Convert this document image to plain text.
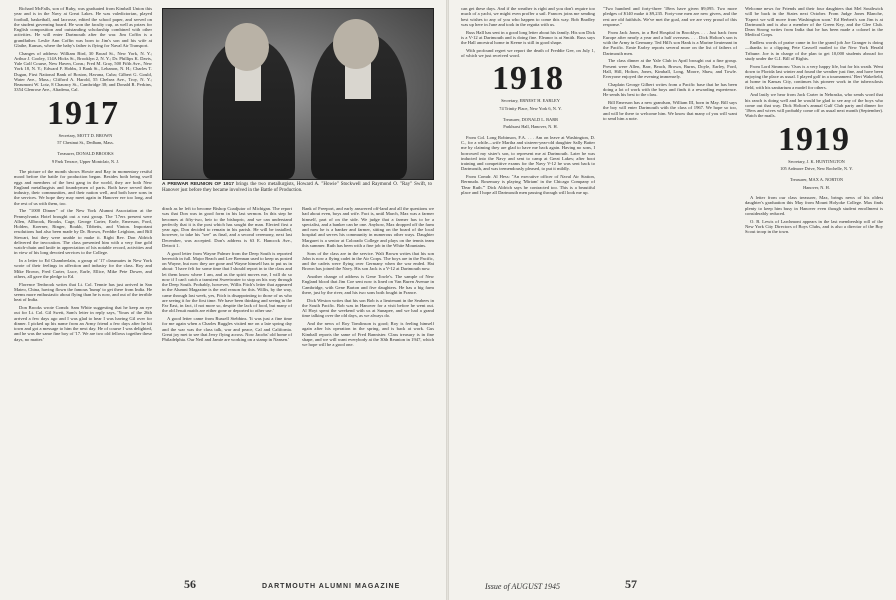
Richard McFalls, son of Ruby, was graduated from Kimball Union this year and is in the Navy at Great Lakes. He was valedictorian, played football, basketball, and lacrosse, edited the school paper, and served on the student governing board. He won the faculty cup, as well as prizes for English composition and outstanding scholarship combined with other activities. He will enter Dartmouth after the war. Jim Coffin is a grandfather. Leslie Ann Coffin was born to Jim's son and his wife at Glathe, Kansas, where the baby's father is flying for Naval Air Transport.

Changes of address: William Bird, 30 Broad St., New York, N. Y.; Arthur J. Cooley, 114A Hicks St., Brooklyn 2, N. Y.; Dr. Phillips K. Davis, Yale Golf Course, New Haven, Conn.; Fred M. Gray, 500 Fifth Ave., New York 18, N. Y.; Edward F. Hobbs, 3 Bank St., Lebanon, N. H.; Charles T. Dugan, First National Bank of Boston, Havana, Cuba; Gilbert G. Gould, Water Ave., Mass.; Clifford A. Harold, 55 Chelsea Ave., Troy, N. Y.; Beaumont W. Lotz, 8 Chauncy St., Cambridge 38; and Donald R. Perkins, 3354 Glenrose Ave., Altadena, Cal.

1917

Secretary, MOTT D. BROWN

57 Chestnut St., Dedham, Mass.

Treasurer, DONALD BROOKS

9 Park Terrace, Upper Montclair, N. J.

The picture of the month shows Howie and Ray in momentary restful mood before the battle for production began. Besides both being swell eggs and members of the best gang in the world, they are both New England metallurgists and foundrymen of parts. Both have served their industry, their communities, and their nation well, and both have sons in the services. We hope they may meet again in Hanover ere too long, and the rest of us with them, too.

The "1000 Dinner" of the New York Alumni Association at the Pennsylvania Hotel brought out a vast group. The '17ers present were Allen, Allbrook, Brooks, Cage, George Carter, Earle, Emerson, Ford, Holden, Koerner, Ringer, Roakb, Tibbetts, and Vinton. Important resolutions had also been made by Dr. Brown, Freddie Leighton, and Bill Stewart, but they were unable to make it. Right Rev. Don Aldrich delivered the invocation. The class presented him with a very fine gold watch-chain and knife in appreciation of his notable record, activities and in view of his long devoted services to the College.

In a letter to Ed Chamberlain, a group of '17 classmates in New York wrote of their feelings in affection and industry for the class. Roy and Mike Brown, Fred Carter, Luce, Earle, Ellice, Mike Pete Dower, and others, all gave the pledge to Ed.

Florence Tenbrook writes that Lt. Col. Tennie has just arrived in San Mateo, China, having flown the famous 'hump' to get there from India. He seems more enthusiastic about flying than he is now, and out of the terrible heat of India.

Don Brooks wrote Comdr. Sam White suggesting that he keep an eye out for Lt. Col. Gil Swett, Sam's letter in reply says, 'Yours of the 26th arrived a few days ago and I was glad to hear I was having Gil over for dinner. I picked up his name from an Army friend a few days after he hit town and got a message to him the next day. He of course I was delighted, and he was the same fine boy of '17. We are two old fellows together these days, no matter.'

A PREWAR REUNION OF 1917 brings the two metallurgists, Howard A. "Howie" Stockwell and Raymond O. "Ray" Swift, to Hanover just before they became involved in the Battle of Production.

dinch as he left to become Bishop Coadjutor of Michigan. The report was that Don was in good form in his last sermon. In this step he becomes at fifty-two, heir to the bishopric, and we can understand perfectly that it is the post which has sought the man. Elected first a year ago, Don decided to remain in his parish. He will be installed, however, to take his "see" as final, and a second ceremony, next last December, was accepted. Don's address is 63 E. Hancock Ave., Detroit 1.

A good letter from Wayne Palmer from the Deep South is reported herewith in full. Major Beach and Lee Brennan used to keep us posted on Wayne, but now they are gone and Wayne himself has to put us in about: 'I have felt for some time that I should report in to the class and let them know where I am, and as the spirit moves me, I will do so now if I can't catch a transient Sweetwater to stop on his way through the Deep South. Probably, however, Willis Fitch's letter that appeared in the Alumni Magazine is the real reason for this. Willis, by the way, came through last week, yes, Fitch is disappointing to those of us who are seeing it for the first time. We have been thinking and seeing in the Far East, in fact, if not more so, despite the lack of food, but many of the old Jesuit maids are either gone or deported to other use.'

A good letter came from Russell Stebbins. 'It was just a fine time for me again when a Charles Ruggles visited me on a late spring day and the war was the class talk, war and peace, Cal and California. Great joy met to see that Jerry flying across. Now Jacobs' old home of Philadelphia. Our Neil and Jamie are working on a stamp in Nansen.'

Bank of Freeport, and early answered off-land and all the questions we had about even, boys and wife. Fact is, until March, Max was a farmer himself, part of on the side. We judge that a farmer has to be a specialist, and a banker can be one. Anyhow, Max dropped off the farm and now he is a banker and farmer, sitting on the board of the local hospital and serves his community in numerous other ways. Daughter Margaret is a senior at Colorado College and plays on the tennis team this summer. Ruth has been with a fine job in the White Mountains.

Sons of the class are in the service. Walt Brown writes that his son John is now a flying cadet in the Air Corps. The boys are in the Pacific, and the cadets were flying over Germany when the war ended. Hat Brown has joined the Navy. His son Jack is a V-12 at Dartmouth now.

Another change of address is Gene Towle's. The sample of New England blood that Jim Coe sent now is lined on Van Buren Avenue in Cambridge, with Gene Barton and five daughters. He has a big farm there, just by the river, and his two sons both fought in France.

Dick Weston writes that his son Bob is a lieutenant in the Seabees in the South Pacific. Bob was in Hanover for a visit before he went out. Al Hoyt spent the weekend with us at Sunapee, and we had a grand time talking over the old days, as we always do.

And the news of Roy Tomlinson is good; Roy is feeling himself again after his operation in the spring, and is back at work. Gus Kimball reports the same of Fred Bannister. Class treasury is in fine shape, and we will want everybody at the 30th Reunion in 1947, which we hope will be a good one.

56	DARTMOUTH ALUMNI MAGAZINE

can get these days. And if the weather is right and you don't require too much of a yacht, we might even proffer a sail. Frances joins me sending best wishes to any of you who happen to come this way. Bob Bradley was up here in June and took in the regatta with us.

Russ Hall has sent in a good long letter about his family. His son Dick is a V-12 at Dartmouth and is doing fine. Eleanor is at Smith. Russ says the Hall ancestral home in Keene is still in good shape.

With profound regret we report the death of Freddie Gee, on July 1, of which we just received word.

1918

Secretary, ERNEST H. EARLEY

74 Trinity Place, New York 6, N. Y.

Treasurer, DONALD L. BARR

Parkhurst Hall, Hanover, N. H.

From Col. Long Robinson, F.A. . . . Am on leave at Washington, D. C., for a while—wife Martha and sixteen-year-old daughter Sally Batter me by claiming they are glad to have me back again. Having no sons, I borrowed my sister's son, to represent me at Dartmouth. Later he was inducted into the Navy and sent to camp at Great Lakes; after boot training and competitive exams for the Navy V-12 he was sent back to Dartmouth, and was tremendously pleased, to put it mildly.

From Comdr. Al Hess: "An executive officer of Naval Air Station, Bermuda. Rosemary is playing 'Miriam' in the Chicago Company of 'Dear Ruth.'" Dick Aldrich says he contracted too. This is a beautiful place and I hope all Dartmouth men passing through will look me up.

"Two hundred and forty-three '18ers have given $9,095. Two more pledges of $140 make it $9,235. Forty-one men are new givers, and the rest are old faithfuls. We've met the goal, and we are very proud of this response."

From Jack Jones, in a Bed Hospital in Brooklyn. . . . Just back from Europe after nearly a year and a half overseas. . . . Dick Holton's son is with the Army in Germany. Ted Hill's son Hank is a Marine lieutenant in the Pacific. Ernie Earley reports several more on the list of fathers of Dartmouth men.

The class dinner at the Yale Club in April brought out a fine group. Present were Allen, Barr, Beach, Brown, Burns, Doyle, Earley, Ford, Hall, Hill, Holton, Jones, Kimball, Long, Moore, Shaw, and Towle. Everyone enjoyed the evening immensely.

Chaplain George Gilbert writes from a Pacific base that he has been doing a lot of work with the boys and finds it a rewarding experience. He sends his best to the class.

Bill Emerson has a new grandson, William III, born in May. Bill says the boy will enter Dartmouth with the class of 1967. We hope so too, and will be there to welcome him. We know that many of you will want to send him a note.

Welcome news for Friends and their four daughters that Mel Southwick will be back in the States next October. From Judge Jones Blanche, 'Expect we will move from Washington soon.' Ed Herbert's son Jim is at Dartmouth and is also a member of the Green Key, and the Glee Club. Dean Strong writes from India that he has been made a colonel in the Medical Corps.

Endless words of praise came in for the grand job Joe Granger is doing—thanks to a clipping Pete Caswell mailed to the New York Herald Tribune. Joe is in charge of the plan to get 10,000 students abroad for study under the G.I. Bill of Rights.

From Lord Simmons: 'Ours is a very happy life, but for his wrath. Went down to Florida last winter and found the weather just fine, and have been enjoying the place as usual. I played golf in a tournament.' Bert Wakefield, at home in Kansas City, continues his pioneer work in the tuberculosis field, with his sanitarium a model for others.

And lastly we hear from Jack Carter in Nebraska, who sends word that his ranch is doing well and he would be glad to see any of the boys who come out that way. Dick Holton's annual Gulf Club party and dinner for '18ers and wives will probably come off as usual next month (September). Watch the mails.

1919

Secretary, J. K. HUNTINGTON

105 Ardmore Drive, New Rochelle, N. Y.

Treasurer, MAX A. NORTON

Hanover, N. H.

A letter from our class treasurer, Max, brings news of his oldest daughter's graduation this May from Mount Holyoke College. Max finds plenty to keep him busy in Hanover even though student enrollment is considerably reduced.

O. B. Lewis of Larchmont appears in the last membership roll of the New York City Directors of Boys Clubs, and is also a director of the Boy Scout troop in the town.

Issue of AUGUST 1945	57
